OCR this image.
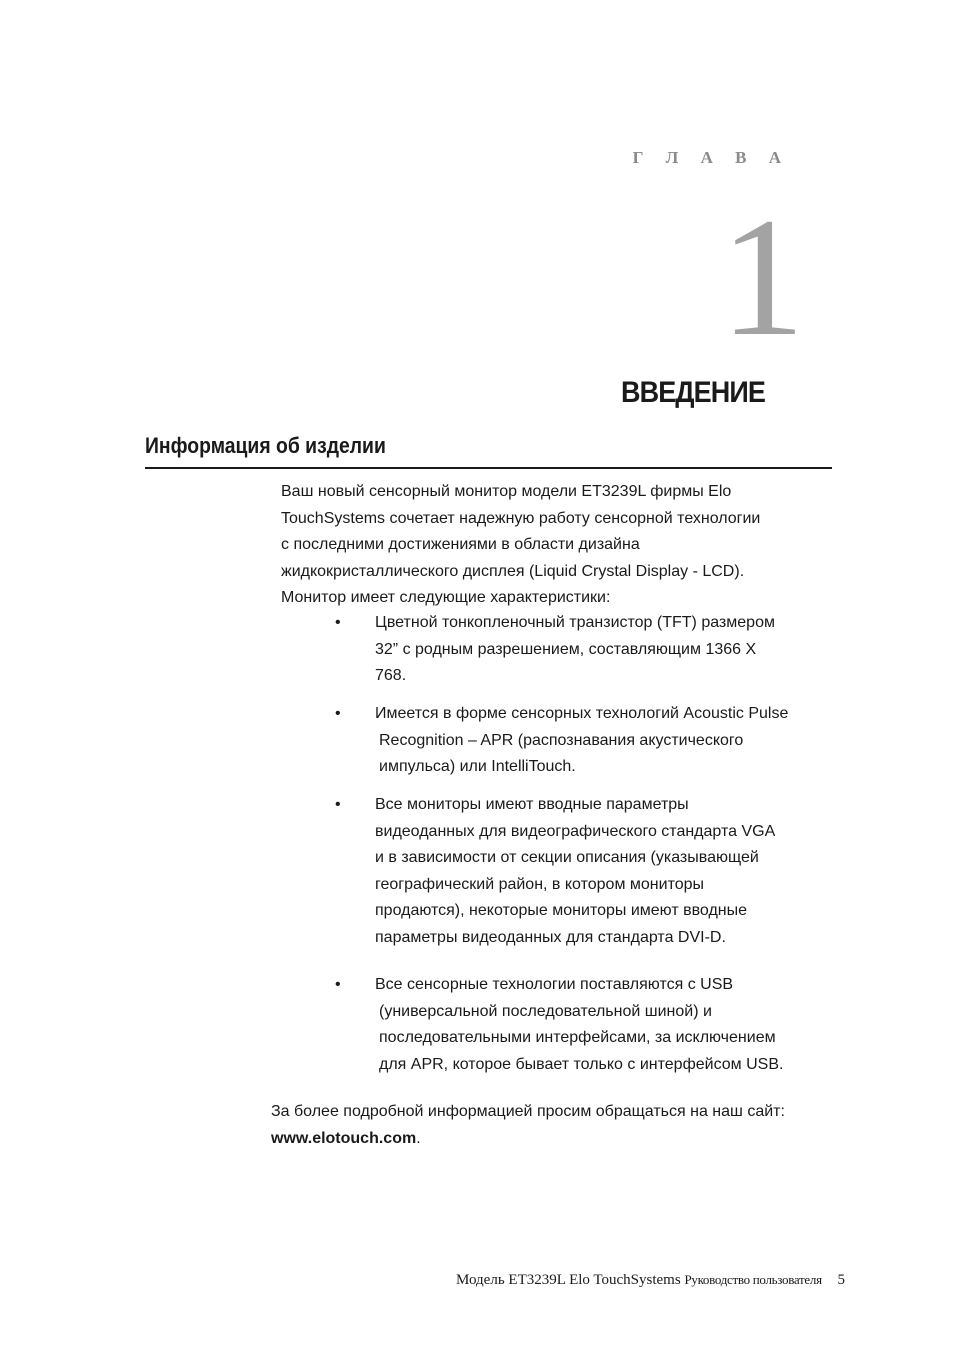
Г Л А В А
1
ВВЕДЕНИЕ
Информация об изделии

Ваш новый сенсорный монитор модели ET3239L фирмы Elo
TouchSystems сочетает надежную работу сенсорной технологии
с последними достижениями в области дизайна
жидкокристаллического дисплея (Liquid Crystal Display - LCD).
Монитор имеет следующие характеристики:

• Цветной тонкопленочный транзистор (TFT) размером
32” с родным разрешением, составляющим 1366 X
768.

• Имеется в форме сенсорных технологий Acoustic Pulse
Recognition – APR (распознавания акустического
импульса) или IntelliTouch.

• Все мониторы имеют вводные параметры
видеоданных для видеографического стандарта VGA
и в зависимости от секции описания (указывающей
географический район, в котором мониторы
продаются), некоторые мониторы имеют вводные
параметры видеоданных для стандарта DVI-D.

• Все сенсорные технологии поставляются с USB
(универсальной последовательной шиной) и
последовательными интерфейсами, за исключением
для APR, которое бывает только с интерфейсом USB.

За более подробной информацией просим обращаться на наш сайт:
www.elotouch.com.

Модель ET3239L Elo TouchSystems Руководство пользователя 5
